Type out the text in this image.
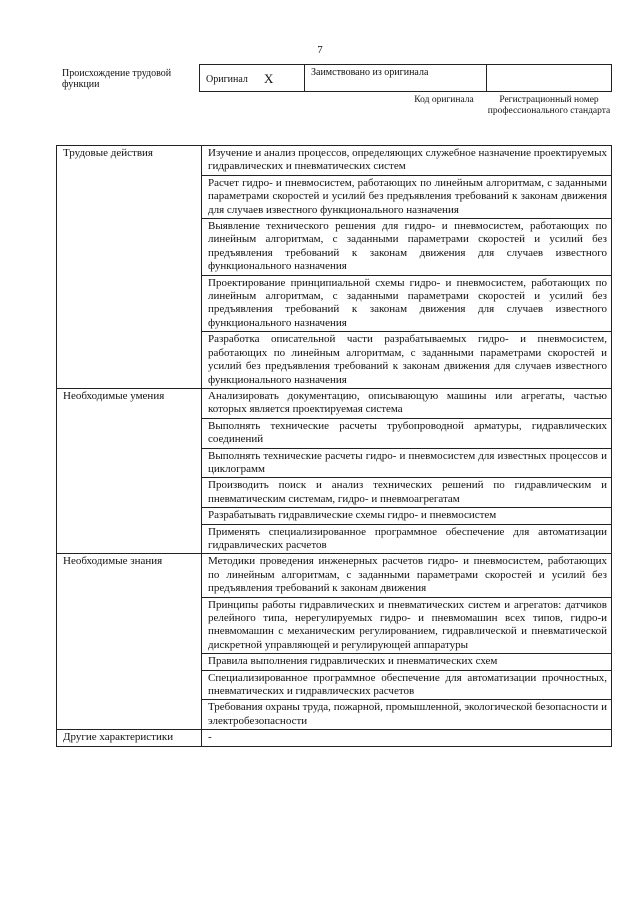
7
Происхождение трудовой функции	Оригинал X	Заимствовано из оригинала
Код оригинала	Регистрационный номер профессионального стандарта
Трудовые действия	Изучение и анализ процессов, определяющих служебное назначение проектируемых гидравлических и пневматических систем
	Расчет гидро- и пневмосистем, работающих по линейным алгоритмам, с заданными параметрами скоростей и усилий без предъявления требований к законам движения для случаев известного функционального назначения
	Выявление технического решения для гидро- и пневмосистем, работающих по линейным алгоритмам, с заданными параметрами скоростей и усилий без предъявления требований к законам движения для случаев известного функционального назначения
	Проектирование принципиальной схемы гидро- и пневмосистем, работающих по линейным алгоритмам, с заданными параметрами скоростей и усилий без предъявления требований к законам движения для случаев известного функционального назначения
	Разработка описательной части разрабатываемых гидро- и пневмосистем, работающих по линейным алгоритмам, с заданными параметрами скоростей и усилий без предъявления требований к законам движения для случаев известного функционального назначения
Необходимые умения	Анализировать документацию, описывающую машины или агрегаты, частью которых является проектируемая система
	Выполнять технические расчеты трубопроводной арматуры, гидравлических соединений
	Выполнять технические расчеты гидро- и пневмосистем для известных процессов и циклограмм
	Производить поиск и анализ технических решений по гидравлическим и пневматическим системам, гидро- и пневмоагрегатам
	Разрабатывать гидравлические схемы гидро- и пневмосистем
	Применять специализированное программное обеспечение для автоматизации гидравлических расчетов
Необходимые знания	Методики проведения инженерных расчетов гидро- и пневмосистем, работающих по линейным алгоритмам, с заданными параметрами скоростей и усилий без предъявления требований к законам движения
	Принципы работы гидравлических и пневматических систем и агрегатов: датчиков релейного типа, нерегулируемых гидро- и пневмомашин всех типов, гидро-и пневмомашин с механическим регулированием, гидравлической и пневматической дискретной управляющей и регулирующей аппаратуры
	Правила выполнения гидравлических и пневматических схем
	Специализированное программное обеспечение для автоматизации прочностных, пневматических и гидравлических расчетов
	Требования охраны труда, пожарной, промышленной, экологической безопасности и электробезопасности
Другие характеристики	-
